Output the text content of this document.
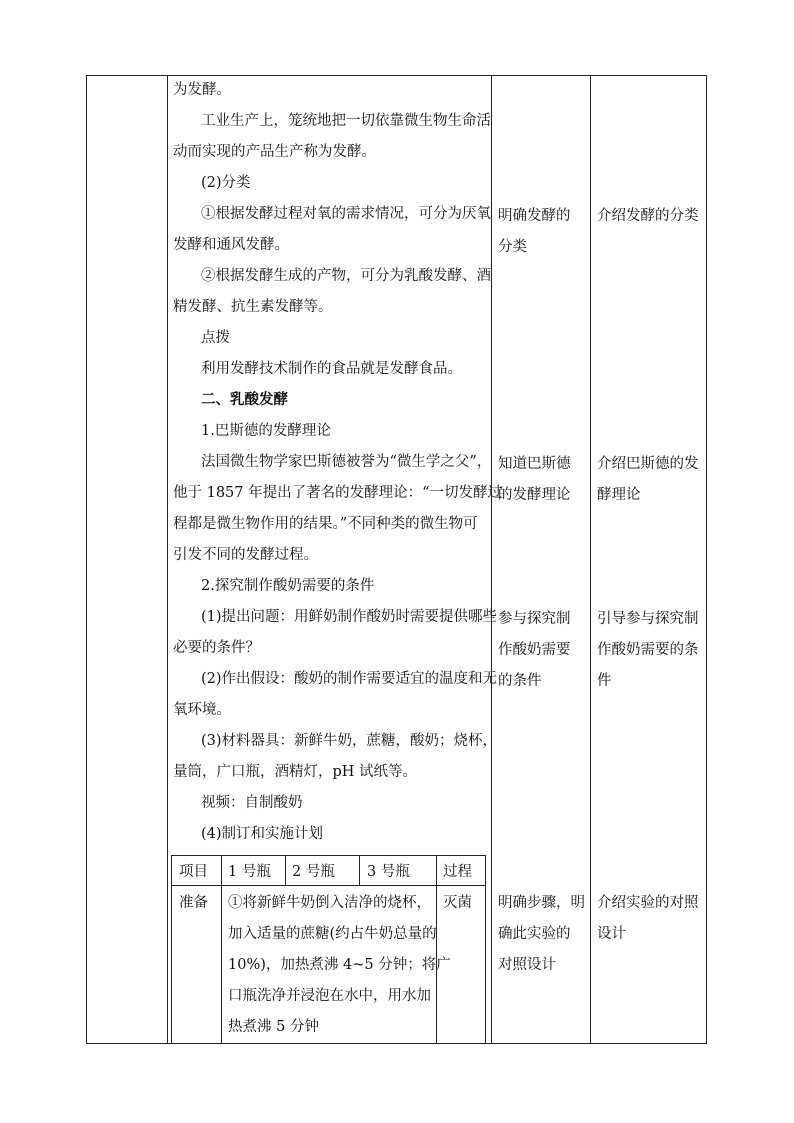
为发酵。
工业生产上，笼统地把一切依靠微生物生命活
动而实现的产品生产称为发酵。
(2)分类
①根据发酵过程对氧的需求情况，可分为厌氧
发酵和通风发酵。
②根据发酵生成的产物，可分为乳酸发酵、酒
精发酵、抗生素发酵等。
点拨
利用发酵技术制作的食品就是发酵食品。
二、乳酸发酵
1.巴斯德的发酵理论
法国微生物学家巴斯德被誉为“微生学之父”，
他于 1857 年提出了著名的发酵理论：“一切发酵过
程都是微生物作用的结果。”不同种类的微生物可
引发不同的发酵过程。
2.探究制作酸奶需要的条件
(1)提出问题：用鲜奶制作酸奶时需要提供哪些
必要的条件？
(2)作出假设：酸奶的制作需要适宜的温度和无
氧环境。
(3)材料器具：新鲜牛奶，蔗糖，酸奶；烧杯，
量筒，广口瓶，酒精灯，pH 试纸等。
视频：自制酸奶
(4)制订和实施计划
项目 1 号瓶 2 号瓶 3 号瓶 过程
准备 ①将新鲜牛奶倒入洁净的烧杯，
加入适量的蔗糖(约占牛奶总量的
10%)，加热煮沸 4~5 分钟；将广
口瓶洗净并浸泡在水中，用水加
热煮沸 5 分钟
灭菌
明确发酵的
分类
知道巴斯德
的发酵理论
参与探究制
作酸奶需要
的条件
明确步骤，明
确此实验的
对照设计
介绍发酵的分类
介绍巴斯德的发
酵理论
引导参与探究制
作酸奶需要的条
件
介绍实验的对照
设计
